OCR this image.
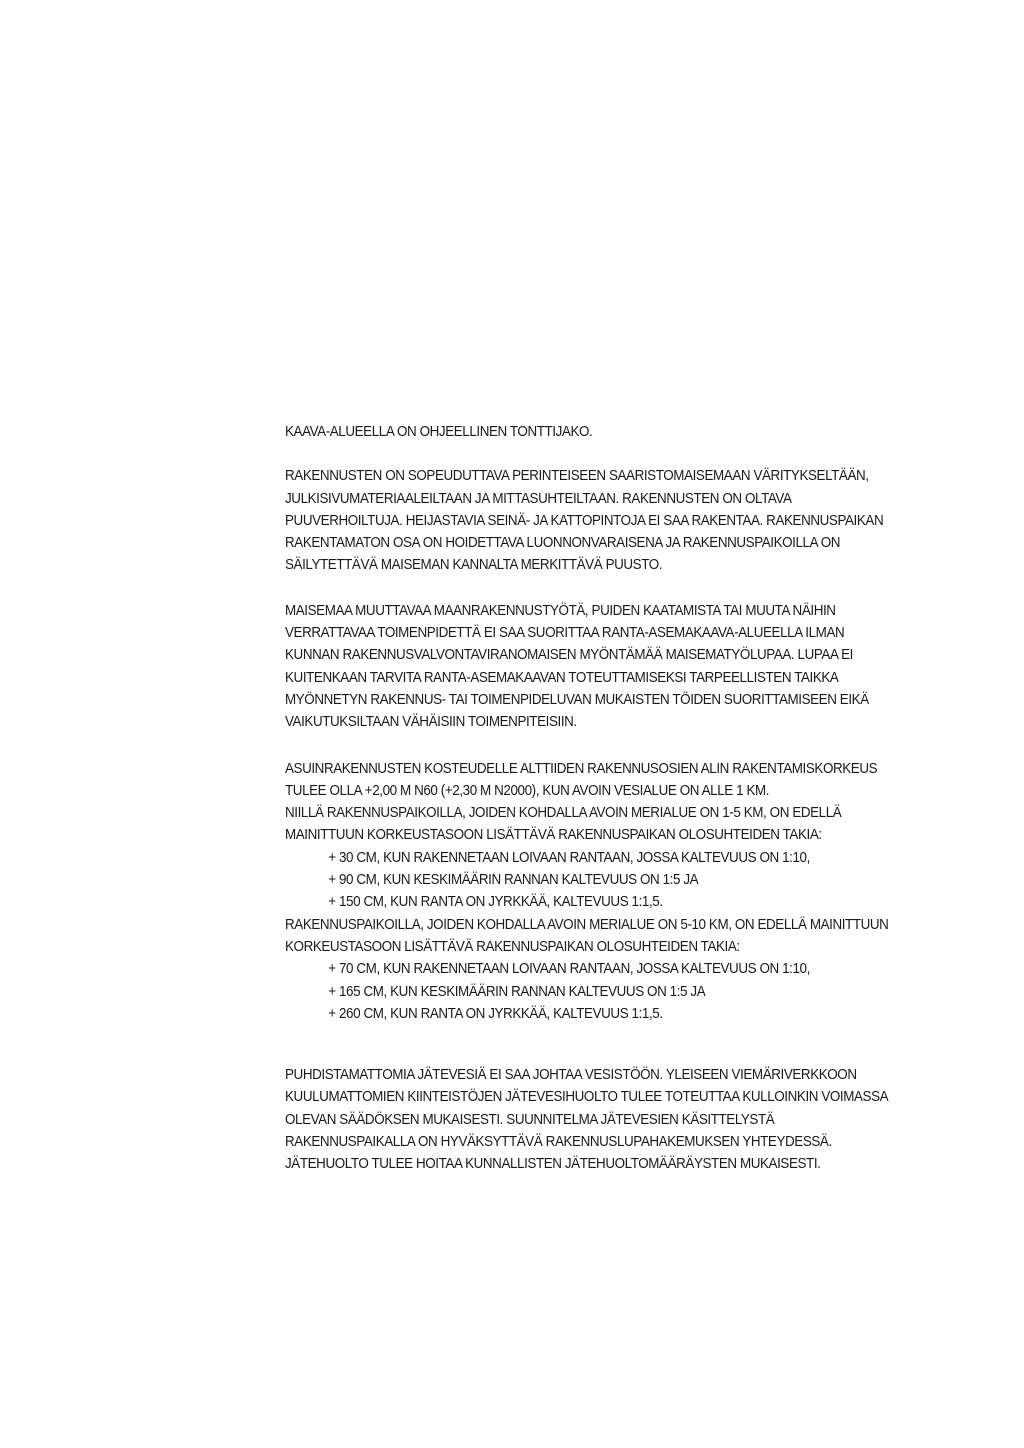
KAAVA-ALUEELLA ON OHJEELLINEN TONTTIJAKO.
RAKENNUSTEN ON SOPEUDUTTAVA PERINTEISEEN SAARISTOMAISEMAAN VÄRITYKSELTÄÄN,
JULKISIVUMATERIAALEILTAAN JA MITTASUHTEILTAAN. RAKENNUSTEN ON OLTAVA
PUUVERHOILTUJA. HEIJASTAVIA SEINÄ- JA KATTOPINTOJA EI SAA RAKENTAA. RAKENNUSPAIKAN
RAKENTAMATON OSA ON HOIDETTAVA LUONNONVARAISENA JA RAKENNUSPAIKOILLA ON
SÄILYTETTÄVÄ MAISEMAN KANNALTA MERKITTÄVÄ PUUSTO.
MAISEMAA MUUTTAVAA MAANRAKENNUSTYÖTÄ, PUIDEN KAATAMISTA TAI MUUTA NÄIHIN
VERRATTAVAA TOIMENPIDETTÄ EI SAA SUORITTAA RANTA-ASEMAKAAVA-ALUEELLA ILMAN
KUNNAN RAKENNUSVALVONTAVIRANOMAISEN MYÖNTÄMÄÄ MAISEMATYÖLUPAA. LUPAA EI
KUITENKAAN TARVITA RANTA-ASEMAKAAVAN TOTEUTTAMISEKSI TARPEELLISTEN TAIKKA
MYÖNNETYN RAKENNUS- TAI TOIMENPIDELUVAN MUKAISTEN TÖIDEN SUORITTAMISEEN EIKÄ
VAIKUTUKSILTAAN VÄHÄISIIN TOIMENPITEISIIN.
ASUINRAKENNUSTEN KOSTEUDELLE ALTTIIDEN RAKENNUSOSIEN ALIN RAKENTAMISKORKEUS
TULEE OLLA +2,00 M N60 (+2,30 M N2000), KUN AVOIN VESIALUE ON ALLE 1 KM.
NIILLÄ RAKENNUSPAIKOILLA, JOIDEN KOHDALLA AVOIN MERIALUE ON 1-5 KM, ON EDELLÄ
MAINITTUUN KORKEUSTASOON LISÄTTÄVÄ RAKENNUSPAIKAN OLOSUHTEIDEN TAKIA:
+ 30 CM, KUN RAKENNETAAN LOIVAAN RANTAAN, JOSSA KALTEVUUS ON 1:10,
+ 90 CM, KUN KESKIMÄÄRIN RANNAN KALTEVUUS ON 1:5 JA
+ 150 CM, KUN RANTA ON JYRKKÄÄ, KALTEVUUS 1:1,5.
RAKENNUSPAIKOILLA, JOIDEN KOHDALLA AVOIN MERIALUE ON 5-10 KM, ON EDELLÄ MAINITTUUN
KORKEUSTASOON LISÄTTÄVÄ RAKENNUSPAIKAN OLOSUHTEIDEN TAKIA:
+ 70 CM, KUN RAKENNETAAN LOIVAAN RANTAAN, JOSSA KALTEVUUS ON 1:10,
+ 165 CM, KUN KESKIMÄÄRIN RANNAN KALTEVUUS ON 1:5 JA
+ 260 CM, KUN RANTA ON JYRKKÄÄ, KALTEVUUS 1:1,5.
PUHDISTAMATTOMIA JÄTEVESIÄ EI SAA JOHTAA VESISTÖÖN. YLEISEEN VIEMÄRIVERKKOON
KUULUMATTOMIEN KIINTEISTÖJEN JÄTEVESIHUOLTO TULEE TOTEUTTAA KULLOINKIN VOIMASSA
OLEVAN SÄÄDÖKSEN MUKAISESTI. SUUNNITELMA JÄTEVESIEN KÄSITTELYSTÄ
RAKENNUSPAIKALLA ON HYVÄKSYTTÄVÄ RAKENNUSLUPAHAKEMUKSEN YHTEYDESSÄ.
JÄTEHUOLTO TULEE HOITAA KUNNALLISTEN JÄTEHUOLTOMÄÄRÄYSTEN MUKAISESTI.
